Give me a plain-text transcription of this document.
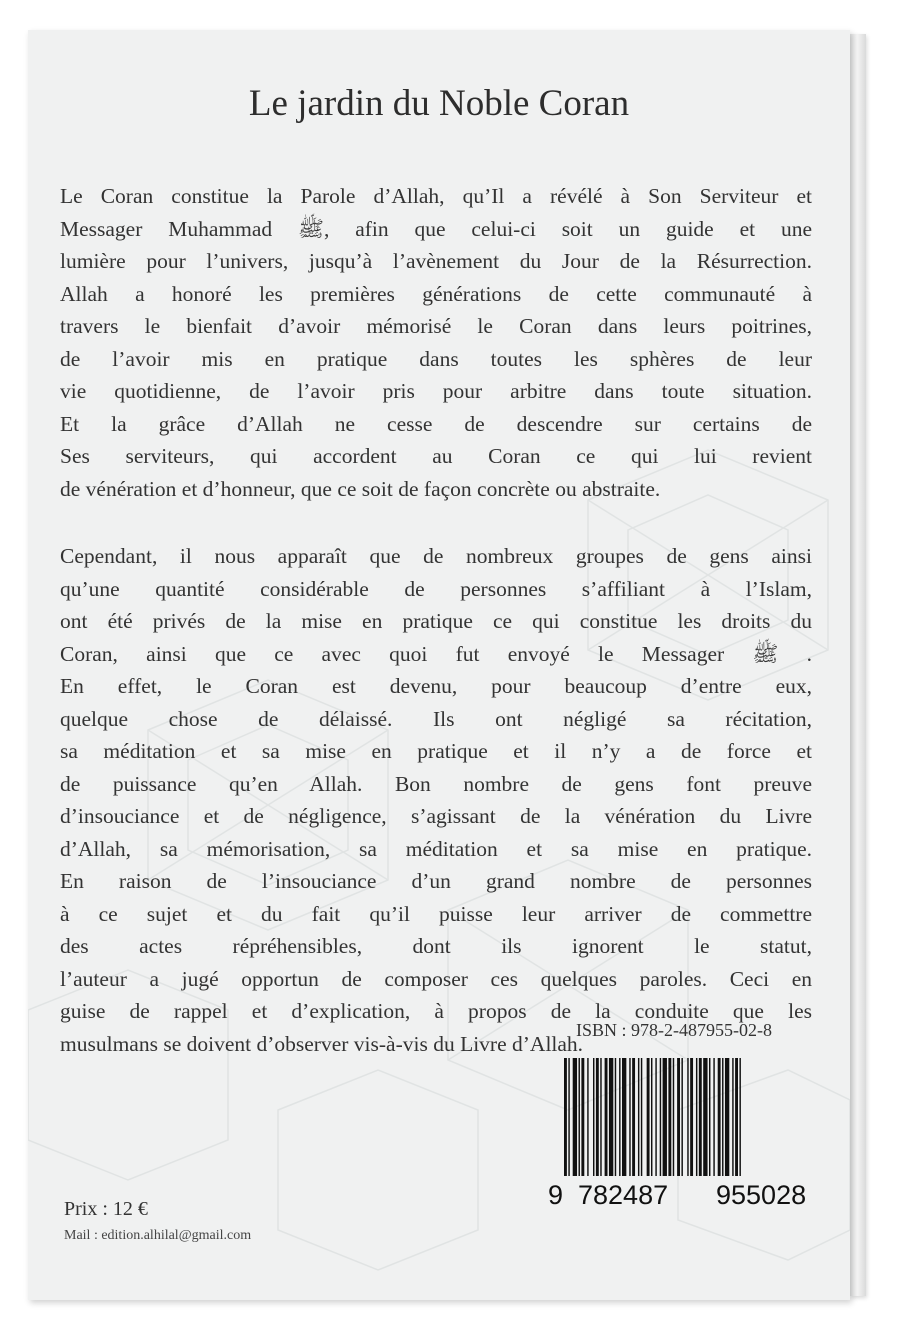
Le jardin du Noble Coran
Le Coran constitue la Parole d’Allah, qu’Il a révélé à Son Serviteur et
Messager Muhammad ﷺ, afin que celui-ci soit un guide et une
lumière pour l’univers, jusqu’à l’avènement du Jour de la Résurrection.
Allah a honoré les premières générations de cette communauté à
travers le bienfait d’avoir mémorisé le Coran dans leurs poitrines,
de l’avoir mis en pratique dans toutes les sphères de leur
vie quotidienne, de l’avoir pris pour arbitre dans toute situation.
Et la grâce d’Allah ne cesse de descendre sur certains de
Ses serviteurs, qui accordent au Coran ce qui lui revient
de vénération et d’honneur, que ce soit de façon concrète ou abstraite.
Cependant, il nous apparaît que de nombreux groupes de gens ainsi
qu’une quantité considérable de personnes s’affiliant à l’Islam,
ont été privés de la mise en pratique ce qui constitue les droits du
Coran, ainsi que ce avec quoi fut envoyé le Messager ﷺ .
En effet, le Coran est devenu, pour beaucoup d’entre eux,
quelque chose de délaissé. Ils ont négligé sa récitation,
sa méditation et sa mise en pratique et il n’y a de force et
de puissance qu’en Allah. Bon nombre de gens font preuve
d’insouciance et de négligence, s’agissant de la vénération du Livre
d’Allah, sa mémorisation, sa méditation et sa mise en pratique.
En raison de l’insouciance d’un grand nombre de personnes
à ce sujet et du fait qu’il puisse leur arriver de commettre
des actes répréhensibles, dont ils ignorent le statut,
l’auteur a jugé opportun de composer ces quelques paroles. Ceci en
guise de rappel et d’explication, à propos de la conduite que les
musulmans se doivent d’observer vis-à-vis du Livre d’Allah.
ISBN : 978-2-487955-02-8
9 782487 955028
Prix : 12 €
Mail : edition.alhilal@gmail.com
